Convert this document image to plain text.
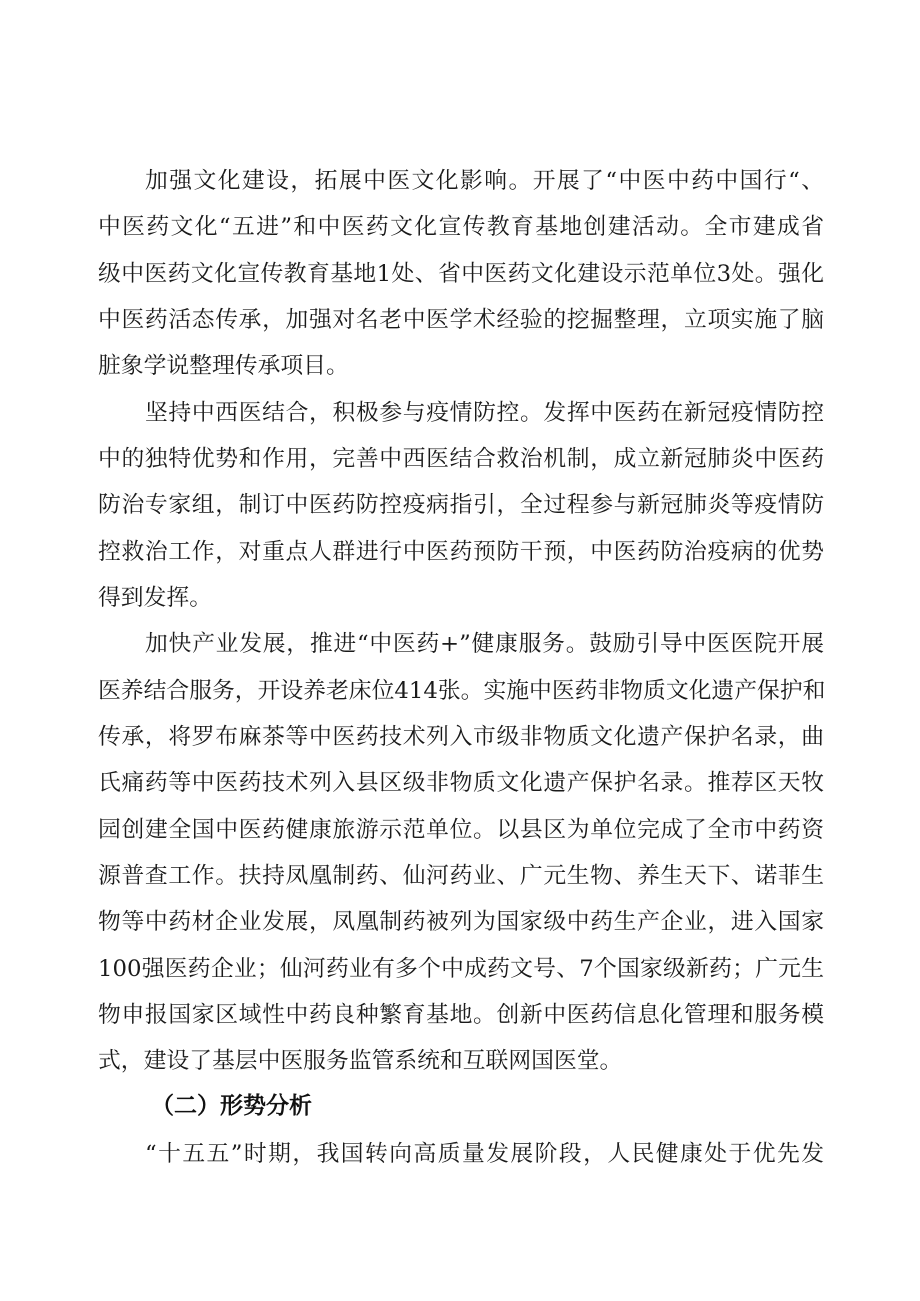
加强文化建设，拓展中医文化影响。开展了“中医中药中国行“、
中医药文化“五进”和中医药文化宣传教育基地创建活动。全市建成省
级中医药文化宣传教育基地1处、省中医药文化建设示范单位3处。强化
中医药活态传承，加强对名老中医学术经验的挖掘整理，立项实施了脑
脏象学说整理传承项目。
坚持中西医结合，积极参与疫情防控。发挥中医药在新冠疫情防控
中的独特优势和作用，完善中西医结合救治机制，成立新冠肺炎中医药
防治专家组，制订中医药防控疫病指引，全过程参与新冠肺炎等疫情防
控救治工作，对重点人群进行中医药预防干预，中医药防治疫病的优势
得到发挥。
加快产业发展，推进“中医药+”健康服务。鼓励引导中医医院开展
医养结合服务，开设养老床位414张。实施中医药非物质文化遗产保护和
传承，将罗布麻茶等中医药技术列入市级非物质文化遗产保护名录，曲
氏痛药等中医药技术列入县区级非物质文化遗产保护名录。推荐区天牧
园创建全国中医药健康旅游示范单位。以县区为单位完成了全市中药资
源普查工作。扶持凤凰制药、仙河药业、广元生物、养生天下、诺菲生
物等中药材企业发展，凤凰制药被列为国家级中药生产企业，进入国家
100强医药企业；仙河药业有多个中成药文号、7个国家级新药；广元生
物申报国家区域性中药良种繁育基地。创新中医药信息化管理和服务模
式，建设了基层中医服务监管系统和互联网国医堂。
（二）形势分析
“十五五”时期，我国转向高质量发展阶段，人民健康处于优先发
